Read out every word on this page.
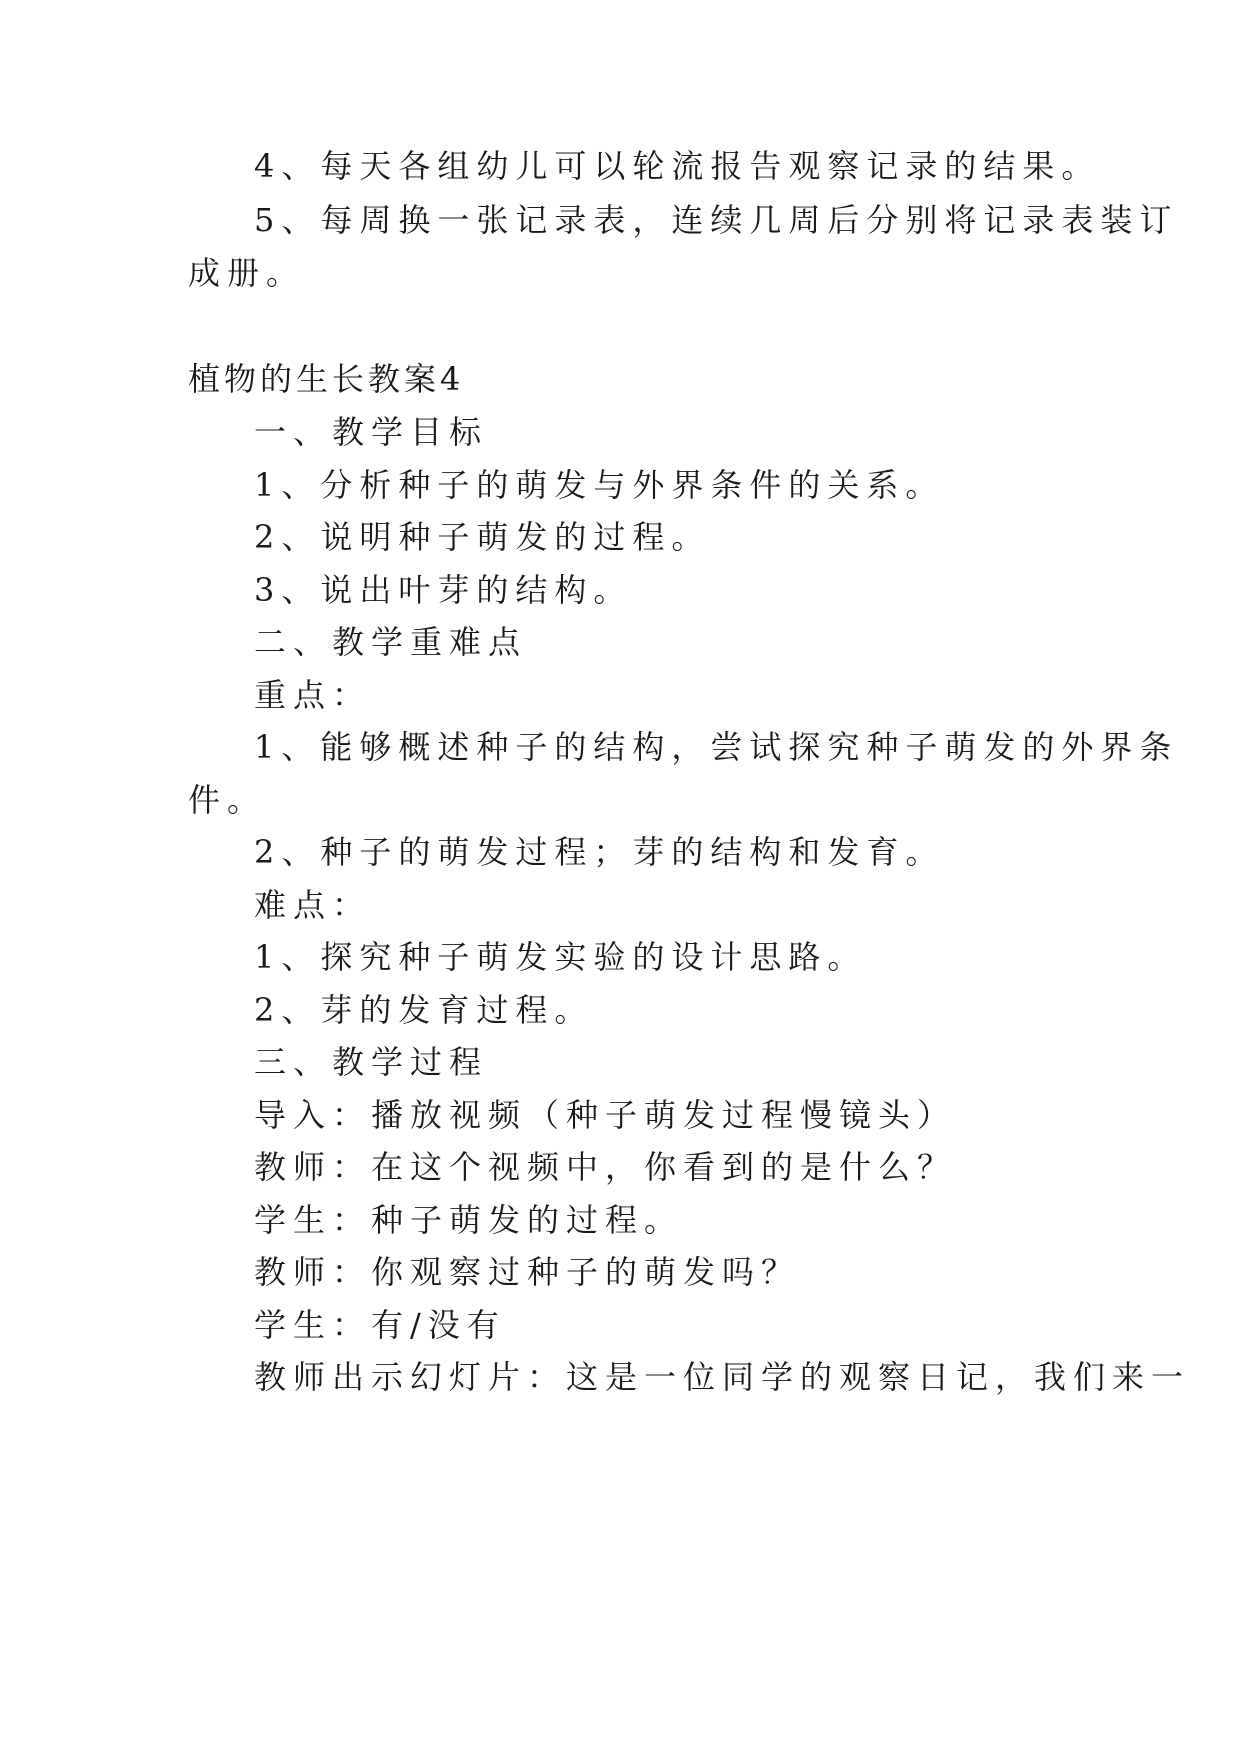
4、每天各组幼儿可以轮流报告观察记录的结果。
5、每周换一张记录表，连续几周后分别将记录表装订
成册。
植物的生长教案4
一、教学目标
1、分析种子的萌发与外界条件的关系。
2、说明种子萌发的过程。
3、说出叶芽的结构。
二、教学重难点
重点：
1、能够概述种子的结构，尝试探究种子萌发的外界条
件。
2、种子的萌发过程；芽的结构和发育。
难点：
1、探究种子萌发实验的设计思路。
2、芽的发育过程。
三、教学过程
导入：播放视频（种子萌发过程慢镜头）
教师：在这个视频中，你看到的是什么？
学生：种子萌发的过程。
教师：你观察过种子的萌发吗？
学生：有/没有
教师出示幻灯片：这是一位同学的观察日记，我们来一
